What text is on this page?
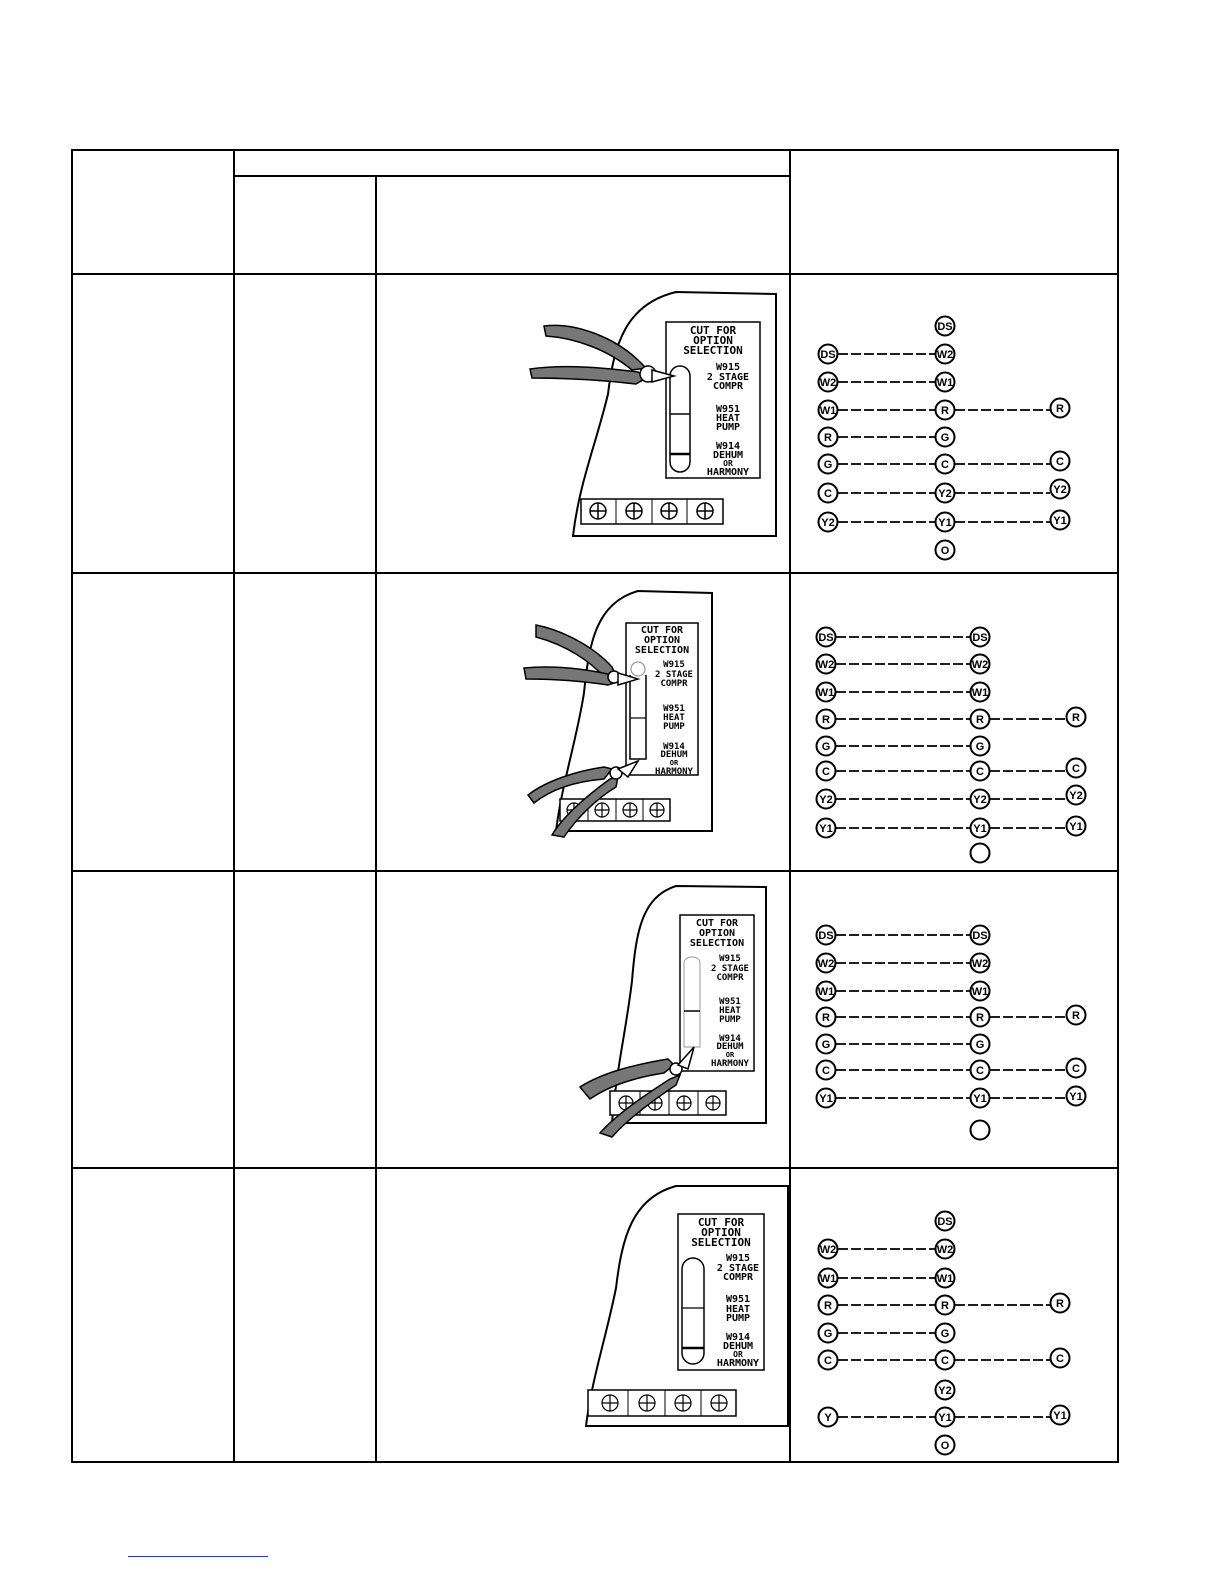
CUT FOR
OPTION
SELECTION
W915
2 STAGE
COMPR
W951
HEAT
PUMP
W914
DEHUM
OR
HARMONY
CUT FOR
OPTION
SELECTION
W915
2 STAGE
COMPR
W951
HEAT
PUMP
W914
DEHUM
OR
HARMONY
CUT FOR
OPTION
SELECTION
W915
2 STAGE
COMPR
W951
HEAT
PUMP
W914
DEHUM
OR
HARMONY
CUT FOR
OPTION
SELECTION
W915
2 STAGE
COMPR
W951
HEAT
PUMP
W914
DEHUM
OR
HARMONY
DS
W2
W1
R
G
C
Y2
Y1
O
DS
W2
W1
R
G
C
Y2
R
C
Y2
Y1
DS
W2
W1
R
G
C
Y2
Y1
DS
W2
W1
R
G
C
Y2
Y1
R
C
Y2
Y1
DS
W2
W1
R
G
C
Y1
DS
W2
W1
R
G
C
Y1
R
C
Y1
DS
W2
W1
R
G
C
Y2
Y1
O
W2
W1
R
G
C
Y
R
C
Y1
